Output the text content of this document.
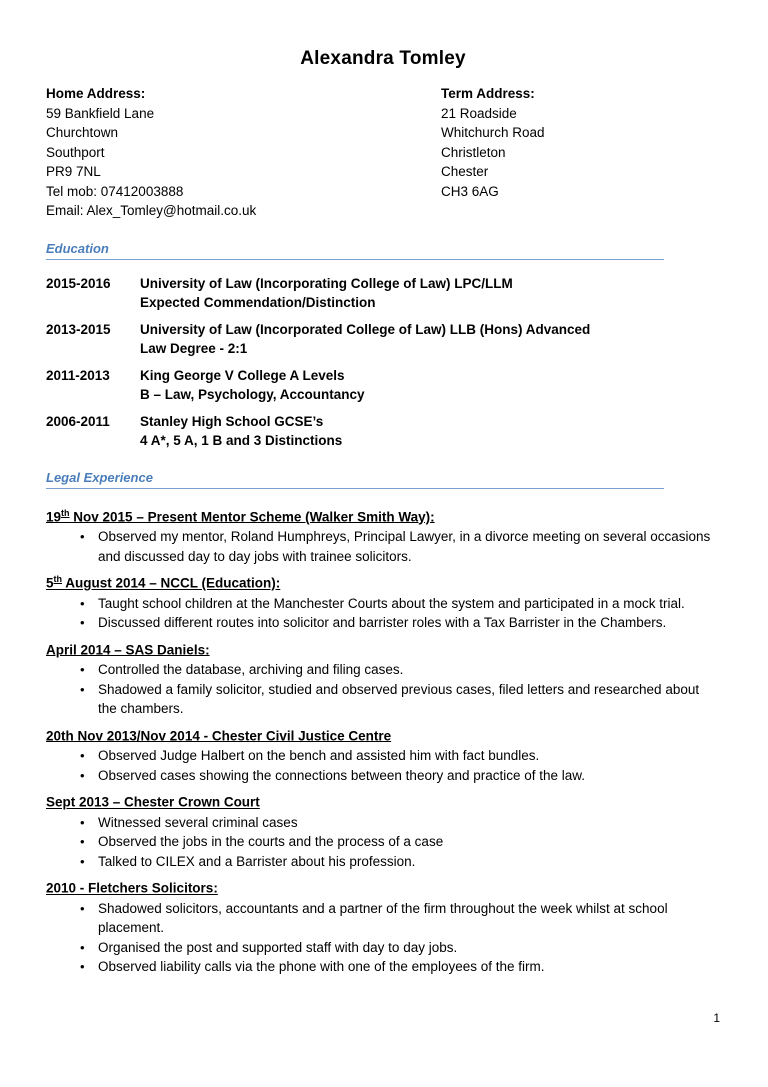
Alexandra Tomley
Home Address:
59 Bankfield Lane
Churchtown
Southport
PR9 7NL
Tel mob: 07412003888
Email: Alex_Tomley@hotmail.co.uk
Term Address:
21 Roadside
Whitchurch Road
Christleton
Chester
CH3 6AG
Education
2015-2016	University of Law (Incorporating College of Law) LPC/LLM
Expected Commendation/Distinction
2013-2015	University of Law (Incorporated College of Law) LLB (Hons) Advanced
Law Degree - 2:1
2011-2013	King George V College A Levels
B – Law, Psychology, Accountancy
2006-2011	Stanley High School GCSE’s
4 A*, 5 A, 1 B and 3 Distinctions
Legal Experience
19th Nov 2015 – Present Mentor Scheme (Walker Smith Way):
• Observed my mentor, Roland Humphreys, Principal Lawyer, in a divorce meeting on several occasions and discussed day to day jobs with trainee solicitors.
5th August 2014 – NCCL (Education):
• Taught school children at the Manchester Courts about the system and participated in a mock trial.
• Discussed different routes into solicitor and barrister roles with a Tax Barrister in the Chambers.
April 2014 – SAS Daniels:
• Controlled the database, archiving and filing cases.
• Shadowed a family solicitor, studied and observed previous cases, filed letters and researched about the chambers.
20th Nov 2013/Nov 2014 - Chester Civil Justice Centre
• Observed Judge Halbert on the bench and assisted him with fact bundles.
• Observed cases showing the connections between theory and practice of the law.
Sept 2013 – Chester Crown Court
• Witnessed several criminal cases
• Observed the jobs in the courts and the process of a case
• Talked to CILEX and a Barrister about his profession.
2010 - Fletchers Solicitors:
• Shadowed solicitors, accountants and a partner of the firm throughout the week whilst at school placement.
• Organised the post and supported staff with day to day jobs.
• Observed liability calls via the phone with one of the employees of the firm.
1
